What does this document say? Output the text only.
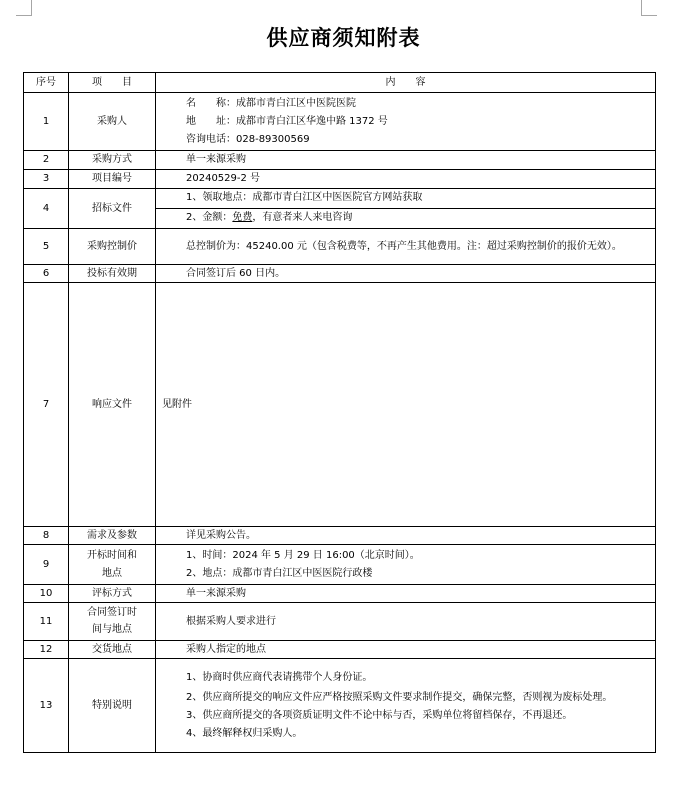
供应商须知附表
序号	项　　目	内　　容
1	采购人	名　　称：成都市青白江区中医院医院
地　　址：成都市青白江区华逸中路 1372 号
咨询电话：028-89300569

2	采购方式	单一来源采购
3	项目编号	20240529-2 号
4	招标文件	1、领取地点：成都市青白江区中医医院官方网站获取
2、金额：免费，有意者来人来电咨询

5	采购控制价	总控制价为：45240.00 元（包含税费等，不再产生其他费用。注：超过采购控制价的报价无效）。

6	投标有效期	合同签订后 60 日内。
7	响应文件	见附件
8	需求及参数	详见采购公告。
9	开标时间和
地点	1、时间：2024 年 5 月 29 日 16:00（北京时间）。
2、地点：成都市青白江区中医医院行政楼

10	评标方式	单一来源采购
11	合同签订时
间与地点	根据采购人要求进行
12	交货地点	采购人指定的地点
13	特别说明	1、协商时供应商代表请携带个人身份证。
2、供应商所提交的响应文件应严格按照采购文件要求制作提交，确保完整，否则视为废标处理。
3、供应商所提交的各项资质证明文件不论中标与否，采购单位将留档保存，不再退还。
4、最终解释权归采购人。
